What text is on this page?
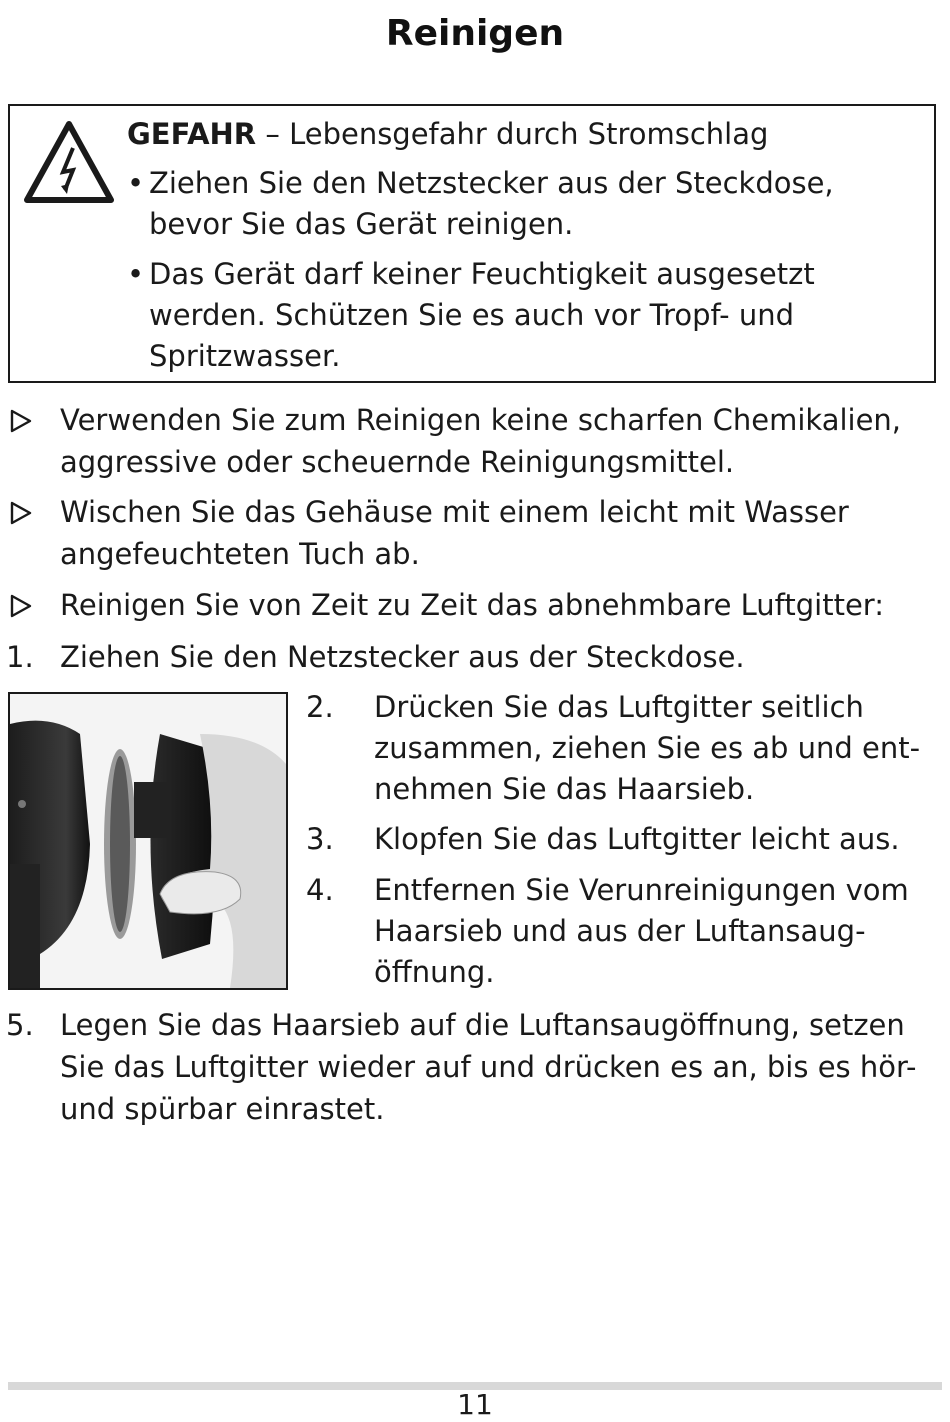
Reinigen
GEFAHR – Lebensgefahr durch Stromschlag
• Ziehen Sie den Netzstecker aus der Steckdose, bevor Sie das Gerät reinigen.
• Das Gerät darf keiner Feuchtigkeit ausgesetzt werden. Schützen Sie es auch vor Tropf- und Spritzwasser.
Verwenden Sie zum Reinigen keine scharfen Chemikalien, aggressive oder scheuernde Reinigungsmittel.
Wischen Sie das Gehäuse mit einem leicht mit Wasser angefeuchteten Tuch ab.
Reinigen Sie von Zeit zu Zeit das abnehmbare Luftgitter:
1. Ziehen Sie den Netzstecker aus der Steckdose.
2. Drücken Sie das Luftgitter seitlich zusammen, ziehen Sie es ab und ent-nehmen Sie das Haarsieb.
3. Klopfen Sie das Luftgitter leicht aus.
4. Entfernen Sie Verunreinigungen vom Haarsieb und aus der Luftansaug-öffnung.
5. Legen Sie das Haarsieb auf die Luftansaugöffnung, setzen Sie das Luftgitter wieder auf und drücken es an, bis es hör- und spürbar einrastet.
11
